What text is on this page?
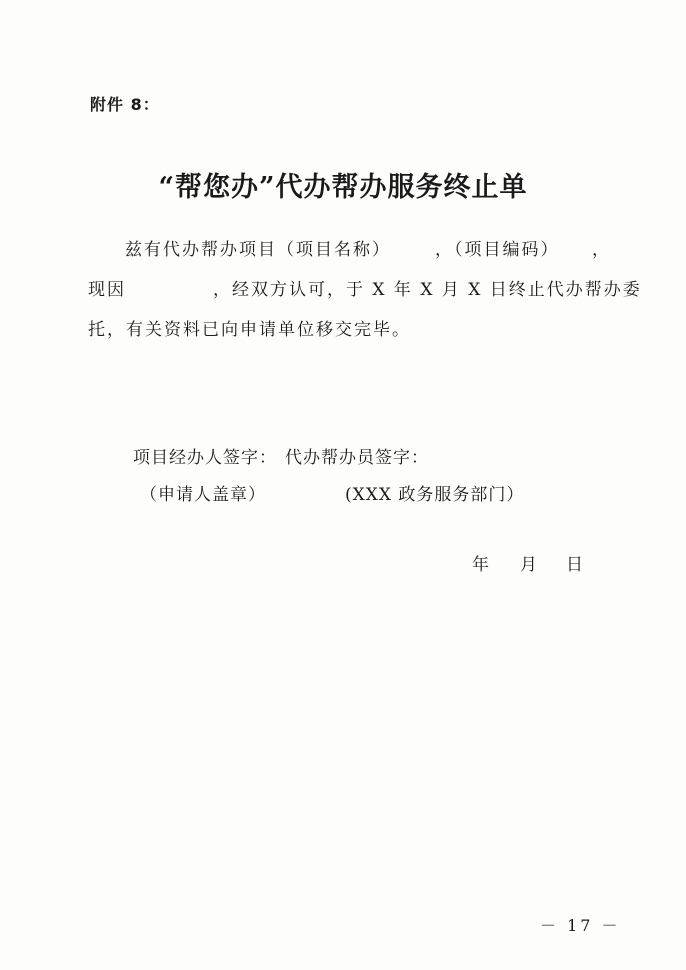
附件 8：
“帮您办”代办帮办服务终止单
兹有代办帮办项目（项目名称）	，（项目编码） ，
现因	，经双方认可，于 X 年 X 月 X 日终止代办帮办委
托，有关资料已向申请单位移交完毕。
项目经办人签字： 代办帮办员签字：
（申请人盖章）	(XXX 政务服务部门）
年 月 日
－ 17 －
